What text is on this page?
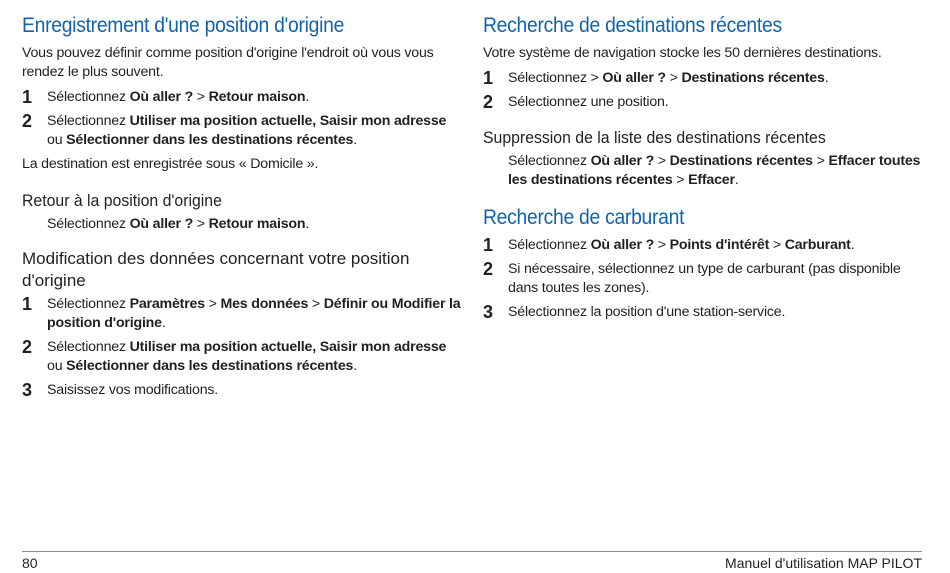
Enregistrement d'une position d'origine

Vous pouvez définir comme position d'origine l'endroit où vous vous rendez le plus souvent.

1	Sélectionnez Où aller ? > Retour maison.
2	Sélectionnez Utiliser ma position actuelle, Saisir mon adresse ou Sélectionner dans les destinations récentes.

La destination est enregistrée sous « Domicile ».

Retour à la position d'origine

Sélectionnez Où aller ? > Retour maison.

Modification des données concernant votre position d'origine
1	Sélectionnez Paramètres > Mes données > Définir ou Modifier la position d'origine.
2	Sélectionnez Utiliser ma position actuelle, Saisir mon adresse ou Sélectionner dans les destinations récentes.
3	Saisissez vos modifications.
Recherche de destinations récentes

Votre système de navigation stocke les 50 dernières destinations.

1	Sélectionnez > Où aller ? > Destinations récentes.
2	Sélectionnez une position.
Suppression de la liste des destinations récentes

Sélectionnez Où aller ? > Destinations récentes > Effacer toutes les destinations récentes > Effacer.

Recherche de carburant
1	Sélectionnez Où aller ? > Points d'intérêt > Carburant.
2	Si nécessaire, sélectionnez un type de carburant (pas disponible dans toutes les zones).
3	Sélectionnez la position d'une station-service.
80	Manuel d'utilisation MAP PILOT
